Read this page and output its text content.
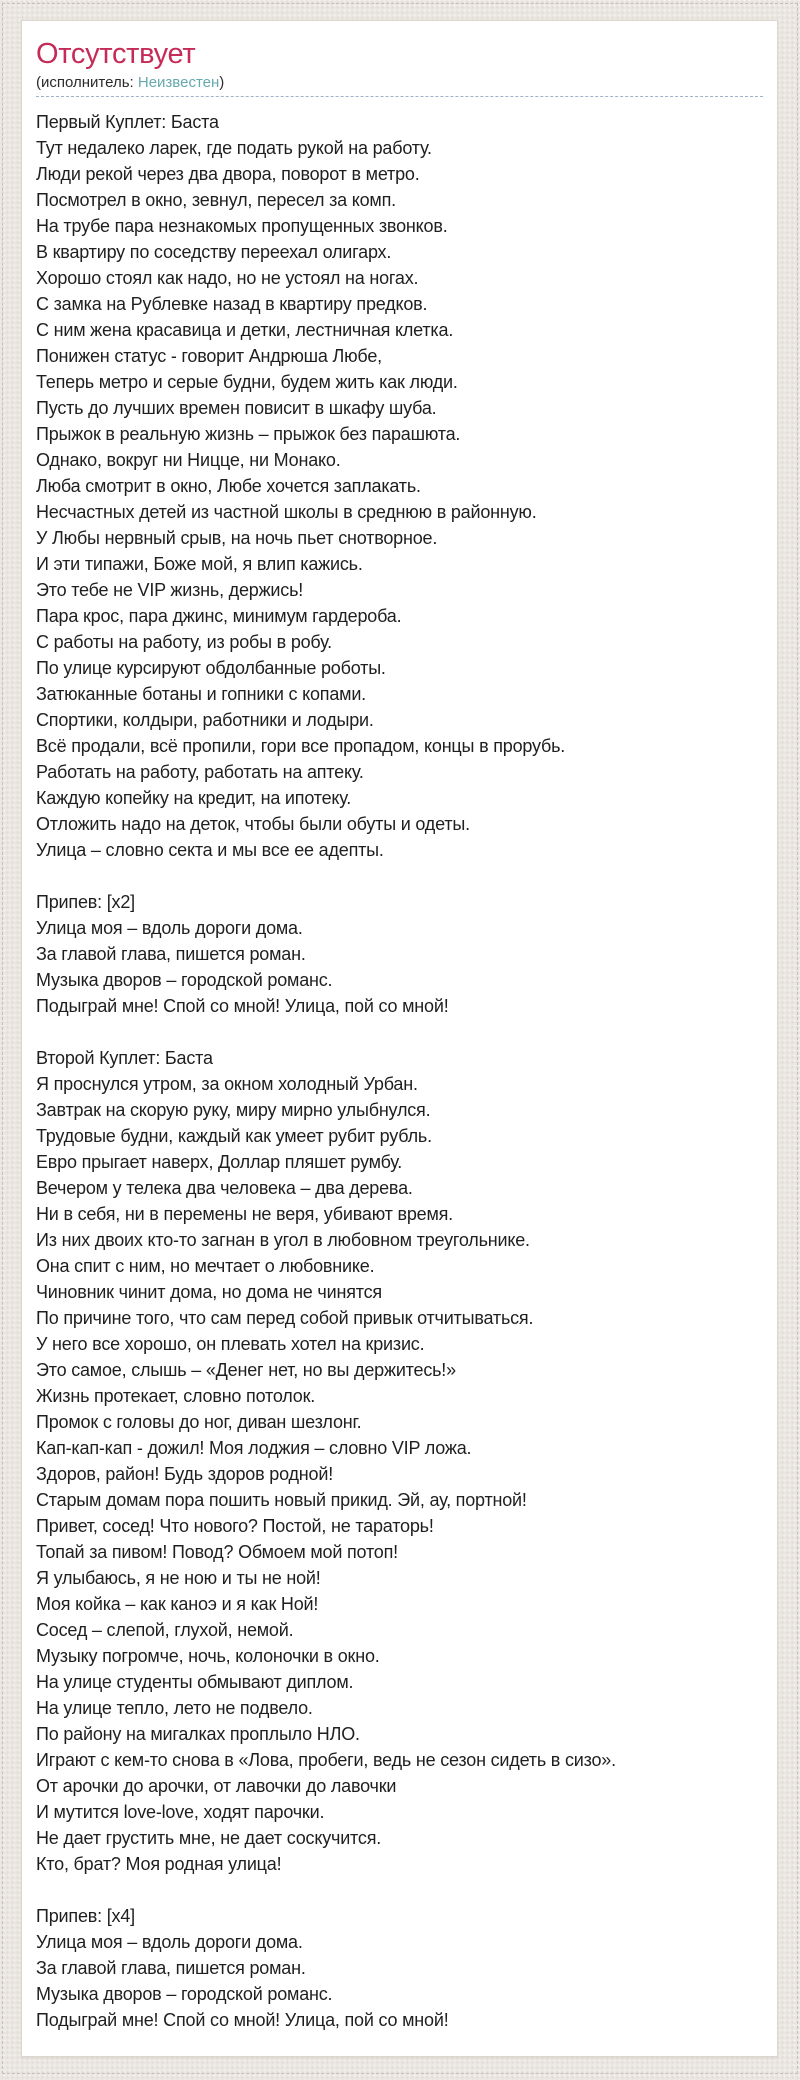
Отсутствует
(исполнитель: Неизвестен)
Первый Куплет: Баста
Тут недалеко ларек, где подать рукой на работу.
Люди рекой через два двора, поворот в метро.
Посмотрел в окно, зевнул, пересел за комп.
На трубе пара незнакомых пропущенных звонков.
В квартиру по соседству переехал олигарх.
Хорошо стоял как надо, но не устоял на ногах.
С замка на Рублевке назад в квартиру предков.
С ним жена красавица и детки, лестничная клетка.
Понижен статус - говорит Андрюша Любе,
Теперь метро и серые будни, будем жить как люди.
Пусть до лучших времен повисит в шкафу шуба.
Прыжок в реальную жизнь – прыжок без парашюта.
Однако, вокруг ни Ницце, ни Монако.
Люба смотрит в окно, Любе хочется заплакать.
Несчастных детей из частной школы в среднюю в районную.
У Любы нервный срыв, на ночь пьет снотворное.
И эти типажи, Боже мой, я влип кажись.
Это тебе не VIP жизнь, держись!
Пара крос, пара джинс, минимум гардероба.
С работы на работу, из робы в робу.
По улице курсируют обдолбанные роботы.
Затюканные ботаны и гопники с копами.
Спортики, колдыри, работники и лодыри.
Всё продали, всё пропили, гори все пропадом, концы в прорубь.
Работать на работу, работать на аптеку.
Каждую копейку на кредит, на ипотеку.
Отложить надо на деток, чтобы были обуты и одеты.
Улица – словно секта и мы все ее адепты.
Припев: [x2]
Улица моя – вдоль дороги дома.
За главой глава, пишется роман.
Музыка дворов – городской романс.
Подыграй мне! Спой со мной! Улица, пой со мной!
Второй Куплет: Баста
Я проснулся утром, за окном холодный Урбан.
Завтрак на скорую руку, миру мирно улыбнулся.
Трудовые будни, каждый как умеет рубит рубль.
Евро прыгает наверх, Доллар пляшет румбу.
Вечером у телека два человека – два дерева.
Ни в себя, ни в перемены не веря, убивают время.
Из них двоих кто-то загнан в угол в любовном треугольнике.
Она спит с ним, но мечтает о любовнике.
Чиновник чинит дома, но дома не чинятся
По причине того, что сам перед собой привык отчитываться.
У него все хорошо, он плевать хотел на кризис.
Это самое, слышь – «Денег нет, но вы держитесь!»
Жизнь протекает, словно потолок.
Промок с головы до ног, диван шезлонг.
Кап-кап-кап - дожил! Моя лоджия – словно VIP ложа.
Здоров, район! Будь здоров родной!
Старым домам пора пошить новый прикид. Эй, ау, портной!
Привет, сосед! Что нового? Постой, не тараторь!
Топай за пивом! Повод? Обмоем мой потоп!
Я улыбаюсь, я не ною и ты не ной!
Моя койка – как каноэ и я как Ной!
Сосед – слепой, глухой, немой.
Музыку погромче, ночь, колоночки в окно.
На улице студенты обмывают диплом.
На улице тепло, лето не подвело.
По району на мигалках проплыло НЛО.
Играют с кем-то снова в «Лова, пробеги, ведь не сезон сидеть в сизо».
От арочки до арочки, от лавочки до лавочки
И мутится love-love, ходят парочки.
Не дает грустить мне, не дает соскучится.
Кто, брат? Моя родная улица!
Припев: [x4]
Улица моя – вдоль дороги дома.
За главой глава, пишется роман.
Музыка дворов – городской романс.
Подыграй мне! Спой со мной! Улица, пой со мной!
